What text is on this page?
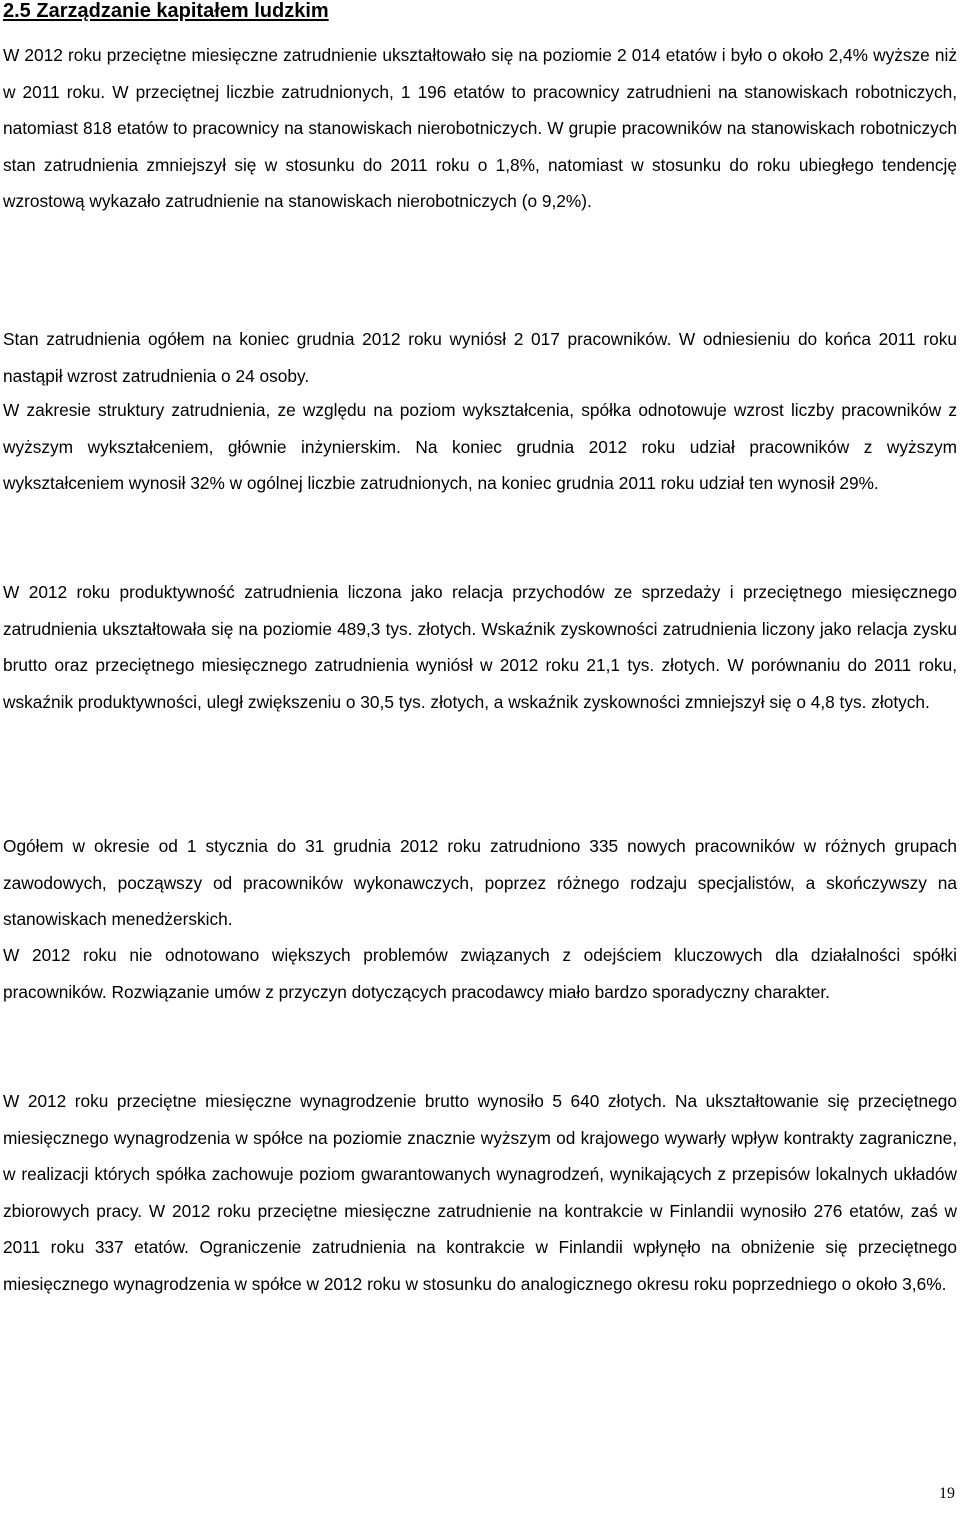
2.5 Zarządzanie kapitałem ludzkim

W 2012 roku przeciętne miesięczne zatrudnienie ukształtowało się na poziomie 2 014 etatów i było o około 2,4% wyższe niż w 2011 roku. W przeciętnej liczbie zatrudnionych, 1 196 etatów to pracownicy zatrudnieni na stanowiskach robotniczych, natomiast 818 etatów to pracownicy na stanowiskach nierobotniczych. W grupie pracowników na stanowiskach robotniczych stan zatrudnienia zmniejszył się w stosunku do 2011 roku o 1,8%, natomiast w stosunku do roku ubiegłego tendencję wzrostową wykazało zatrudnienie na stanowiskach nierobotniczych (o 9,2%).

Stan zatrudnienia ogółem na koniec grudnia 2012 roku wyniósł 2 017 pracowników. W odniesieniu do końca 2011 roku nastąpił wzrost zatrudnienia o 24 osoby.

W zakresie struktury zatrudnienia, ze względu na poziom wykształcenia, spółka odnotowuje wzrost liczby pracowników z wyższym wykształceniem, głównie inżynierskim. Na koniec grudnia 2012 roku udział pracowników z wyższym wykształceniem wynosił 32% w ogólnej liczbie zatrudnionych, na koniec grudnia 2011 roku udział ten wynosił 29%.

W 2012 roku produktywność zatrudnienia liczona jako relacja przychodów ze sprzedaży i przeciętnego miesięcznego zatrudnienia ukształtowała się na poziomie 489,3 tys. złotych. Wskaźnik zyskowności zatrudnienia liczony jako relacja zysku brutto oraz przeciętnego miesięcznego zatrudnienia wyniósł w 2012 roku 21,1 tys. złotych. W porównaniu do 2011 roku, wskaźnik produktywności, uległ zwiększeniu o 30,5 tys. złotych, a wskaźnik zyskowności zmniejszył się o 4,8 tys. złotych.

Ogółem w okresie od 1 stycznia do 31 grudnia 2012 roku zatrudniono 335 nowych pracowników w różnych grupach zawodowych, począwszy od pracowników wykonawczych, poprzez różnego rodzaju specjalistów, a skończywszy na stanowiskach menedżerskich.

W 2012 roku nie odnotowano większych problemów związanych z odejściem kluczowych dla działalności spółki pracowników. Rozwiązanie umów z przyczyn dotyczących pracodawcy miało bardzo sporadyczny charakter.

W 2012 roku przeciętne miesięczne wynagrodzenie brutto wynosiło 5 640 złotych. Na ukształtowanie się przeciętnego miesięcznego wynagrodzenia w spółce na poziomie znacznie wyższym od krajowego wywarły wpływ kontrakty zagraniczne, w realizacji których spółka zachowuje poziom gwarantowanych wynagrodzeń, wynikających z przepisów lokalnych układów zbiorowych pracy. W 2012 roku przeciętne miesięczne zatrudnienie na kontrakcie w Finlandii wynosiło 276 etatów, zaś w 2011 roku 337 etatów. Ograniczenie zatrudnienia na kontrakcie w Finlandii wpłynęło na obniżenie się przeciętnego miesięcznego wynagrodzenia w spółce w 2012 roku w stosunku do analogicznego okresu roku poprzedniego o około 3,6%.

19
